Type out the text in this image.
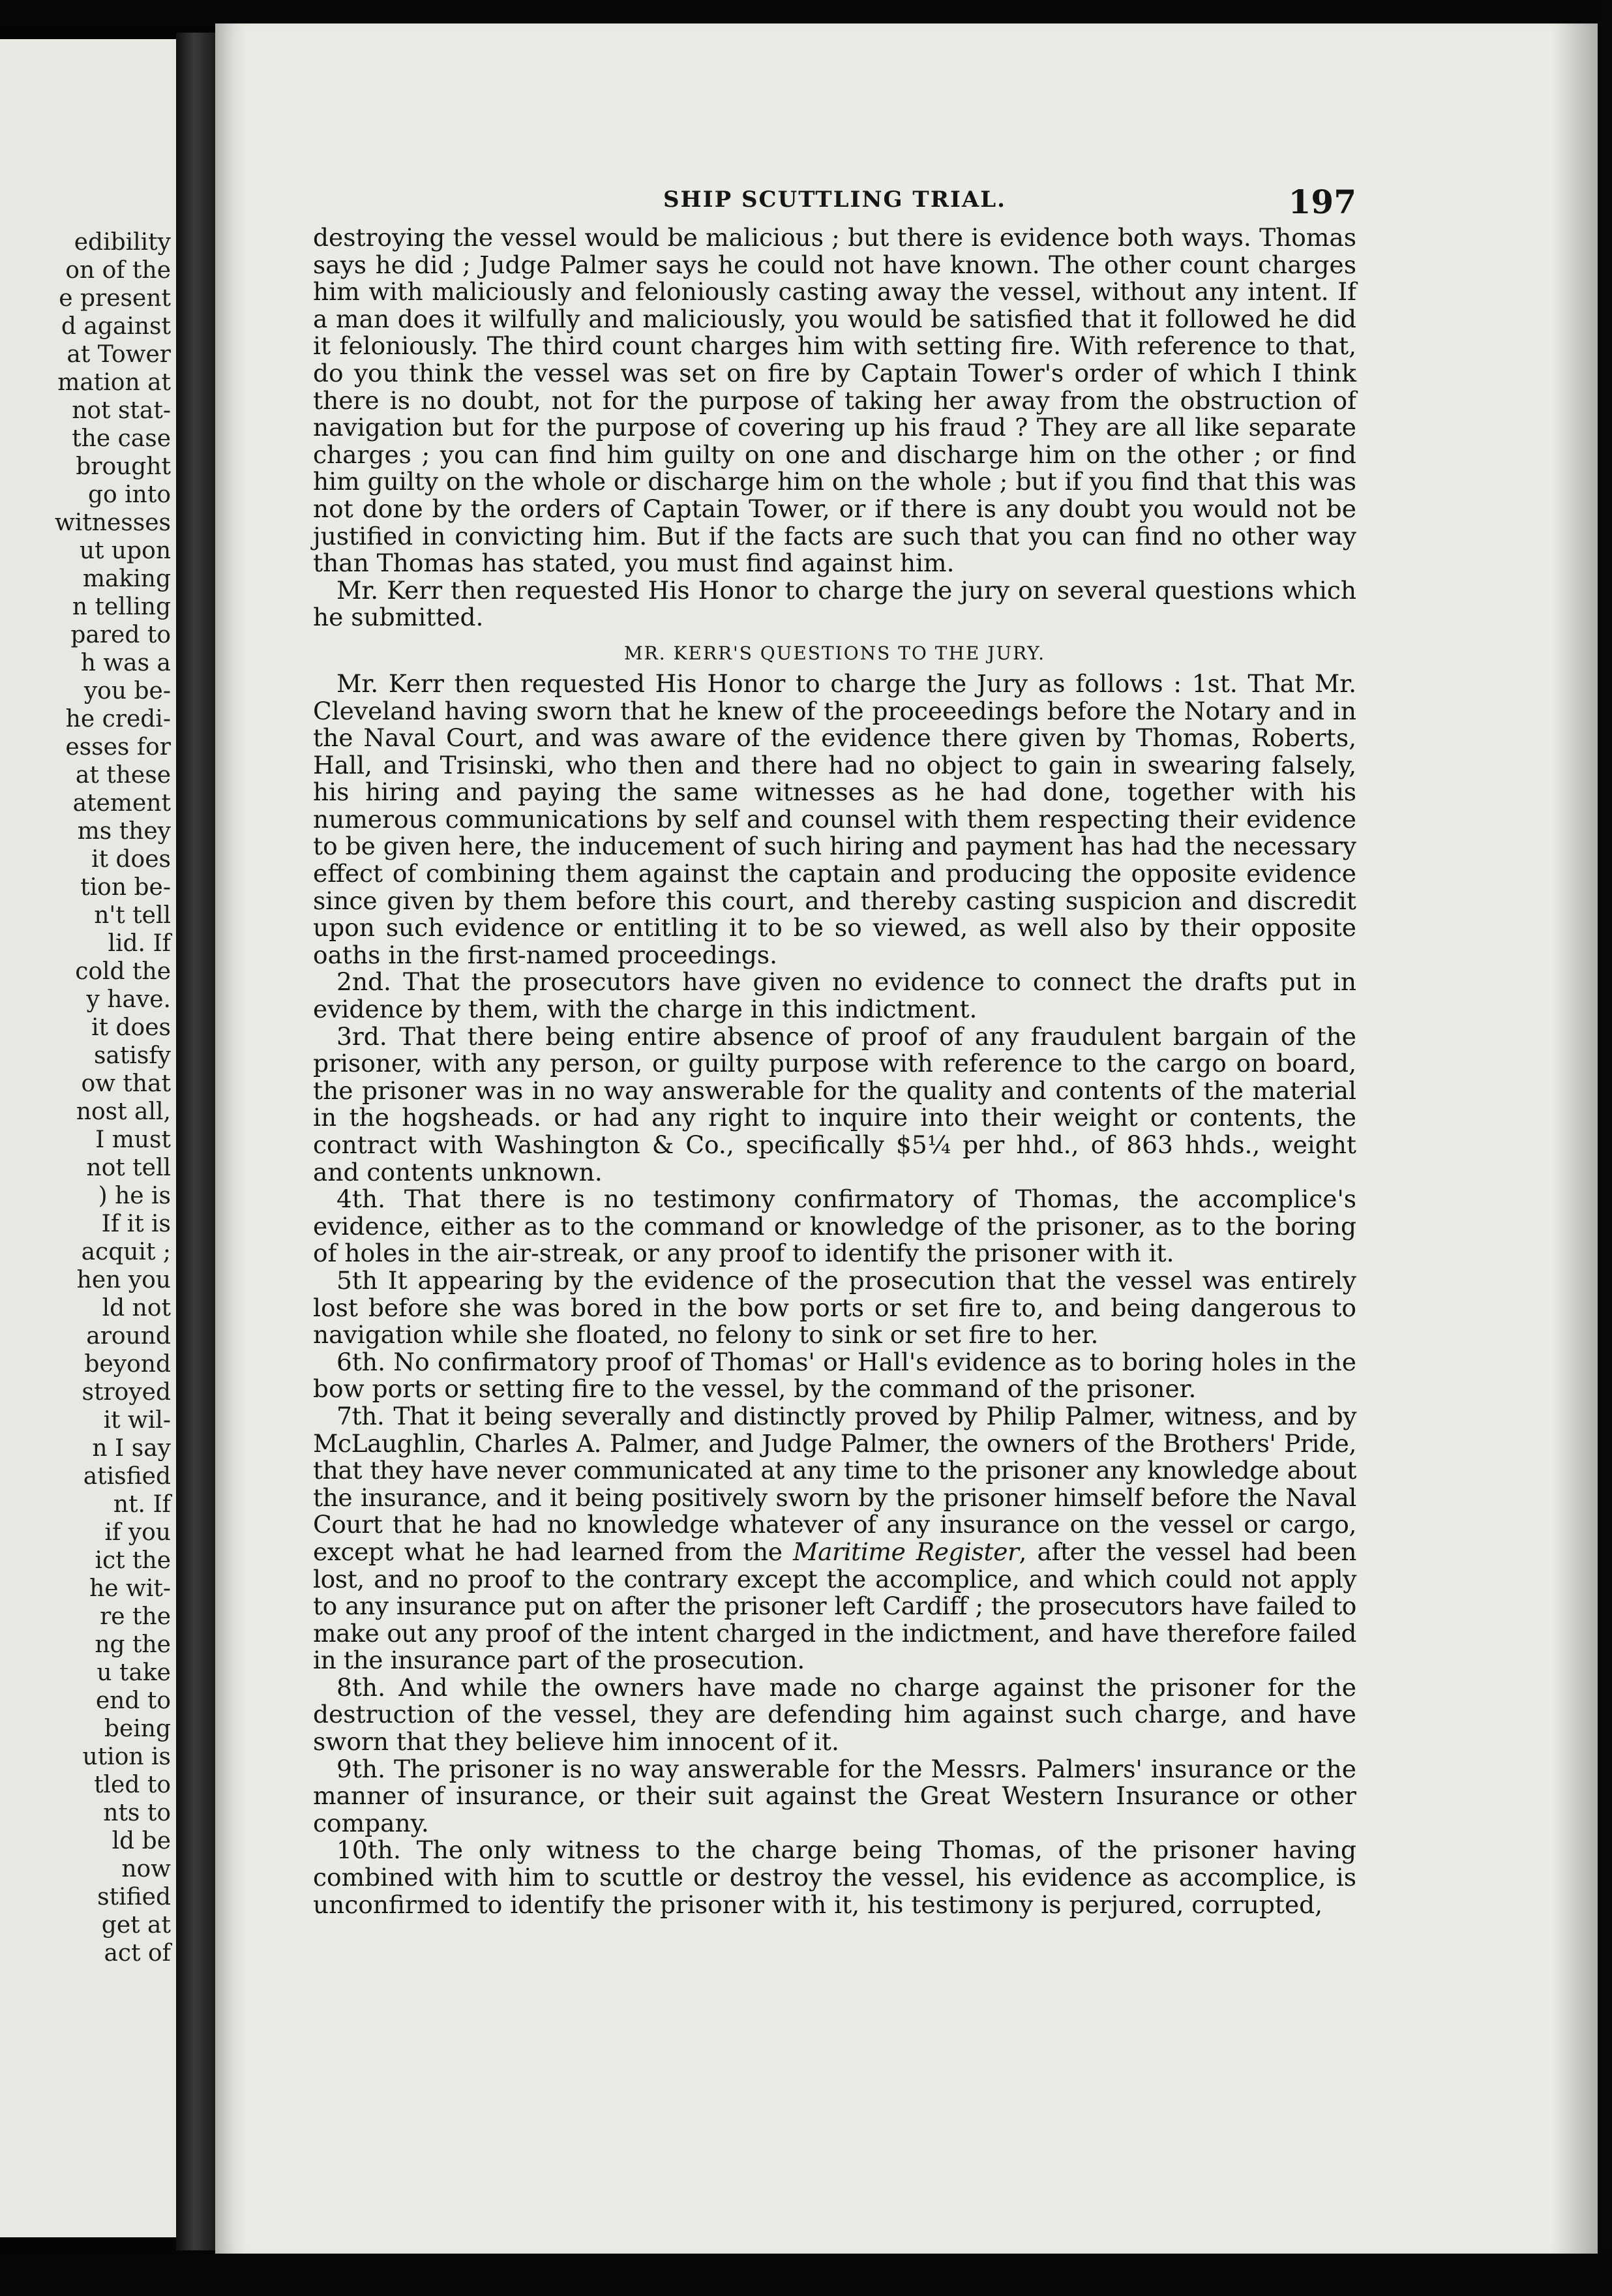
edibility
on of the
e present
d against
at Tower
mation at
not stat-
the case
brought
go into
witnesses
ut upon
making
n telling
pared to
h was a
you be-
he credi-
esses for
at these
atement
ms they
it does
tion be-
n't tell
lid. If
cold the
y have.
it does
satisfy
ow that
nost all,
I must
not tell
) he is
If it is
acquit ;
hen you
ld not
around
beyond
stroyed
it wil-
n I say
atisfied
nt. If
if you
ict the
he wit-
re the
ng the
u take
end to
being
ution is
tled to
nts to
ld be
now
stified
get at
act of
SHIP SCUTTLING TRIAL.	197

destroying the vessel would be malicious ; but there is evidence both ways. Thomas says he did ; Judge Palmer says he could not have known. The other count charges him with maliciously and feloniously casting away the vessel, without any intent. If a man does it wilfully and maliciously, you would be satisfied that it followed he did it feloniously. The third count charges him with setting fire. With reference to that, do you think the vessel was set on fire by Captain Tower's order of which I think there is no doubt, not for the purpose of taking her away from the obstruction of navigation but for the purpose of covering up his fraud ? They are all like separate charges ; you can find him guilty on one and discharge him on the other ; or find him guilty on the whole or discharge him on the whole ; but if you find that this was not done by the orders of Captain Tower, or if there is any doubt you would not be justified in convicting him. But if the facts are such that you can find no other way than Thomas has stated, you must find against him.

Mr. Kerr then requested His Honor to charge the jury on several questions which he submitted.

MR. KERR'S QUESTIONS TO THE JURY.

Mr. Kerr then requested His Honor to charge the Jury as follows : 1st. That Mr. Cleveland having sworn that he knew of the proceeedings before the Notary and in the Naval Court, and was aware of the evidence there given by Thomas, Roberts, Hall, and Trisinski, who then and there had no object to gain in swearing falsely, his hiring and paying the same witnesses as he had done, together with his numerous communications by self and counsel with them respecting their evidence to be given here, the inducement of such hiring and payment has had the necessary effect of combining them against the captain and producing the opposite evidence since given by them before this court, and thereby casting suspicion and discredit upon such evidence or entitling it to be so viewed, as well also by their opposite oaths in the first-named proceedings.

2nd. That the prosecutors have given no evidence to connect the drafts put in evidence by them, with the charge in this indictment.

3rd. That there being entire absence of proof of any fraudulent bargain of the prisoner, with any person, or guilty purpose with reference to the cargo on board, the prisoner was in no way answerable for the quality and contents of the material in the hogsheads. or had any right to inquire into their weight or contents, the contract with Washington & Co., specifically $5¼ per hhd., of 863 hhds., weight and contents unknown.

4th. That there is no testimony confirmatory of Thomas, the accomplice's evidence, either as to the command or knowledge of the prisoner, as to the boring of holes in the air-streak, or any proof to identify the prisoner with it.

5th It appearing by the evidence of the prosecution that the vessel was entirely lost before she was bored in the bow ports or set fire to, and being dangerous to navigation while she floated, no felony to sink or set fire to her.

6th. No confirmatory proof of Thomas' or Hall's evidence as to boring holes in the bow ports or setting fire to the vessel, by the command of the prisoner.

7th. That it being severally and distinctly proved by Philip Palmer, witness, and by McLaughlin, Charles A. Palmer, and Judge Palmer, the owners of the Brothers' Pride, that they have never communicated at any time to the prisoner any knowledge about the insurance, and it being positively sworn by the prisoner himself before the Naval Court that he had no knowledge whatever of any insurance on the vessel or cargo, except what he had learned from the Maritime Register, after the vessel had been lost, and no proof to the contrary except the accomplice, and which could not apply to any insurance put on after the prisoner left Cardiff ; the prosecutors have failed to make out any proof of the intent charged in the indictment, and have therefore failed in the insurance part of the prosecution.

8th. And while the owners have made no charge against the prisoner for the destruction of the vessel, they are defending him against such charge, and have sworn that they believe him innocent of it.

9th. The prisoner is no way answerable for the Messrs. Palmers' insurance or the manner of insurance, or their suit against the Great Western Insurance or other company.

10th. The only witness to the charge being Thomas, of the prisoner having combined with him to scuttle or destroy the vessel, his evidence as accomplice, is unconfirmed to identify the prisoner with it, his testimony is perjured, corrupted,
